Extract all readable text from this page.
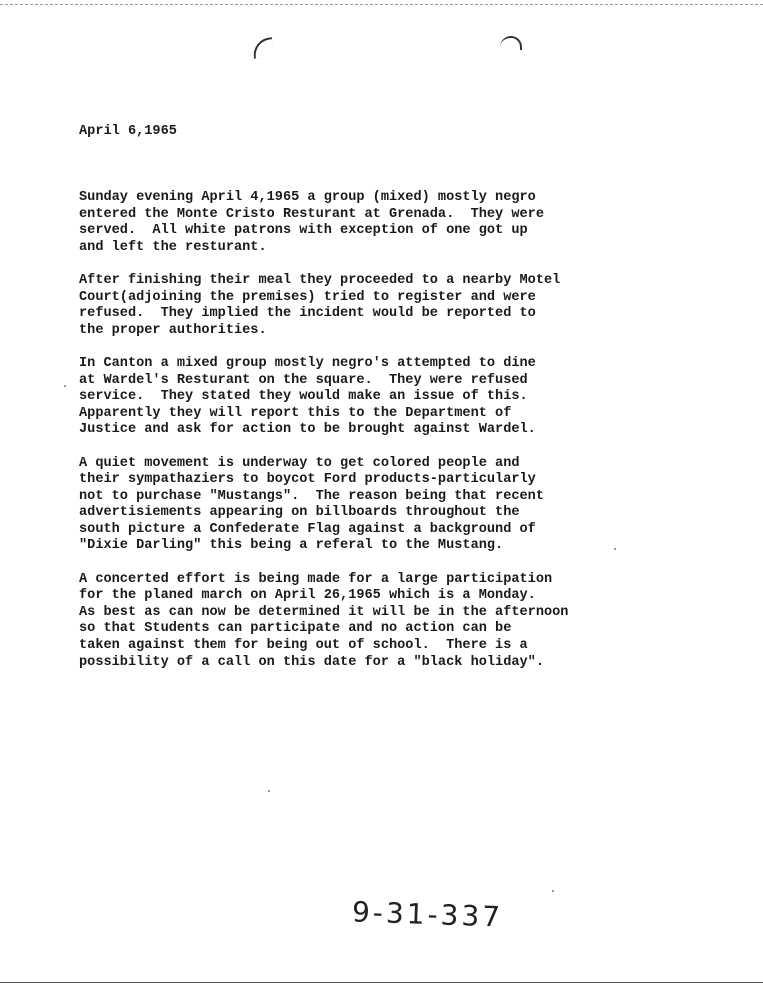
April 6,1965
Sunday evening April 4,1965 a group (mixed) mostly negro
entered the Monte Cristo Resturant at Grenada.  They were
served.  All white patrons with exception of one got up
and left the resturant.
After finishing their meal they proceeded to a nearby Motel
Court(adjoining the premises) tried to register and were
refused.  They implied the incident would be reported to
the proper authorities.
In Canton a mixed group mostly negro's attempted to dine
at Wardel's Resturant on the square.  They were refused
service.  They stated they would make an issue of this.
Apparently they will report this to the Department of
Justice and ask for action to be brought against Wardel.
A quiet movement is underway to get colored people and
their sympathaziers to boycot Ford products-particularly
not to purchase "Mustangs".  The reason being that recent
advertisiements appearing on billboards throughout the
south picture a Confederate Flag against a background of
"Dixie Darling" this being a referal to the Mustang.
A concerted effort is being made for a large participation
for the planed march on April 26,1965 which is a Monday.
As best as can now be determined it will be in the afternoon
so that Students can participate and no action can be
taken against them for being out of school.  There is a
possibility of a call on this date for a "black holiday".
9-31-337
